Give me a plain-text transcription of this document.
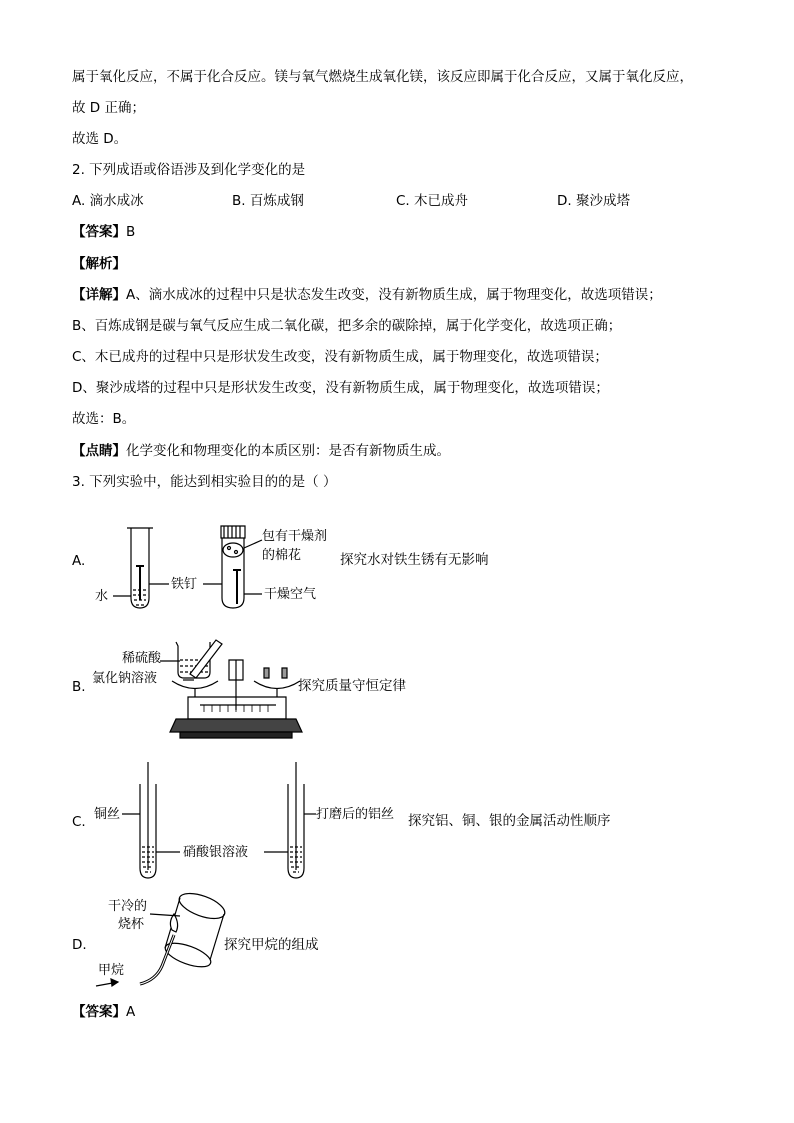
属于氧化反应，不属于化合反应。镁与氧气燃烧生成氧化镁，该反应即属于化合反应，又属于氧化反应，
故 D 正确；
故选 D。
2. 下列成语或俗语涉及到化学变化的是
A. 滴水成冰	B. 百炼成钢	C. 木已成舟	D. 聚沙成塔
【答案】B
【解析】
【详解】A、滴水成冰的过程中只是状态发生改变，没有新物质生成，属于物理变化，故选项错误；
B、百炼成钢是碳与氧气反应生成二氧化碳，把多余的碳除掉，属于化学变化，故选项正确；
C、木已成舟的过程中只是形状发生改变，没有新物质生成，属于物理变化，故选项错误；
D、聚沙成塔的过程中只是形状发生改变，没有新物质生成，属于物理变化，故选项错误；
故选：B。
【点睛】化学变化和物理变化的本质区别：是否有新物质生成。
3. 下列实验中，能达到相实验目的的是（ ）
A.
水
铁钉
包有干燥剂
的棉花
干燥空气
探究水对铁生锈有无影响
B.
稀硫酸
氯化钠溶液	探究质量守恒定律
C. 铜丝
硝酸银溶液
打磨后的铝丝 探究铝、铜、银的金属活动性顺序
D.
干冷的
烧杯
甲烷
探究甲烷的组成
【答案】A
